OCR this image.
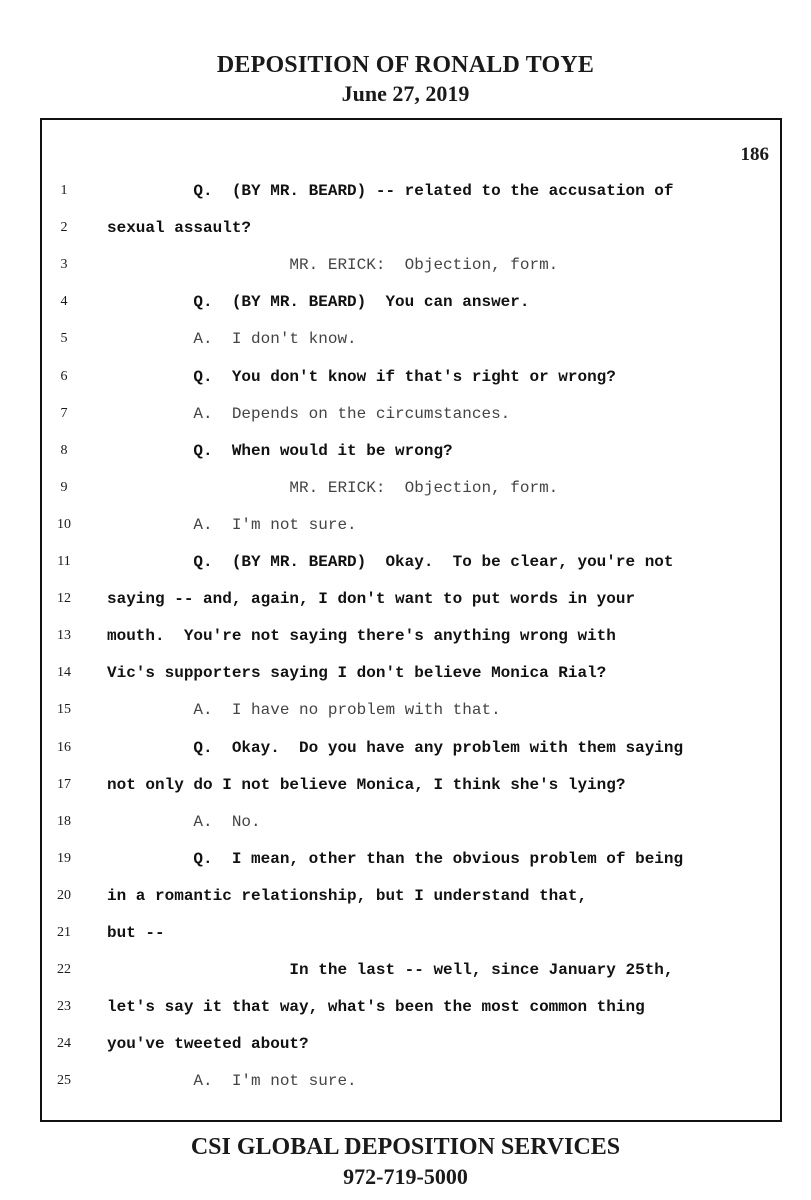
DEPOSITION OF RONALD TOYE
June 27, 2019
186
1	Q.  (BY MR. BEARD) -- related to the accusation of
2	sexual assault?
3	MR. ERICK:  Objection, form.
4	Q.  (BY MR. BEARD)  You can answer.
5	A.  I don't know.
6	Q.  You don't know if that's right or wrong?
7	A.  Depends on the circumstances.
8	Q.  When would it be wrong?
9	MR. ERICK:  Objection, form.
10	A.  I'm not sure.
11	Q.  (BY MR. BEARD)  Okay.  To be clear, you're not
12	saying -- and, again, I don't want to put words in your
13	mouth.  You're not saying there's anything wrong with
14	Vic's supporters saying I don't believe Monica Rial?
15	A.  I have no problem with that.
16	Q.  Okay.  Do you have any problem with them saying
17	not only do I not believe Monica, I think she's lying?
18	A.  No.
19	Q.  I mean, other than the obvious problem of being
20	in a romantic relationship, but I understand that,
21	but --
22	In the last -- well, since January 25th,
23	let's say it that way, what's been the most common thing
24	you've tweeted about?
25	A.  I'm not sure.
CSI GLOBAL DEPOSITION SERVICES
972-719-5000
